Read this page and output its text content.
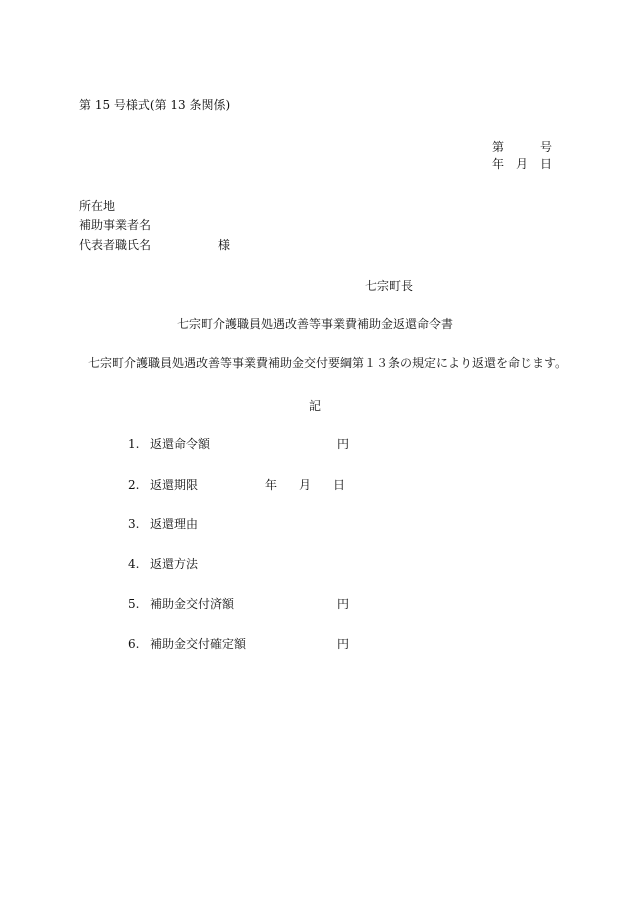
第 15 号様式(第 13 条関係)
第	号
年 月 日
所在地
補助事業者名
代表者職氏名	様
七宗町長
七宗町介護職員処遇改善等事業費補助金返還命令書
七宗町介護職員処遇改善等事業費補助金交付要綱第１３条の規定により返還を命じます。
記
1. 返還命令額	円
2. 返還期限	年 月 日
3. 返還理由
4. 返還方法
5. 補助金交付済額	円
6. 補助金交付確定額	円
